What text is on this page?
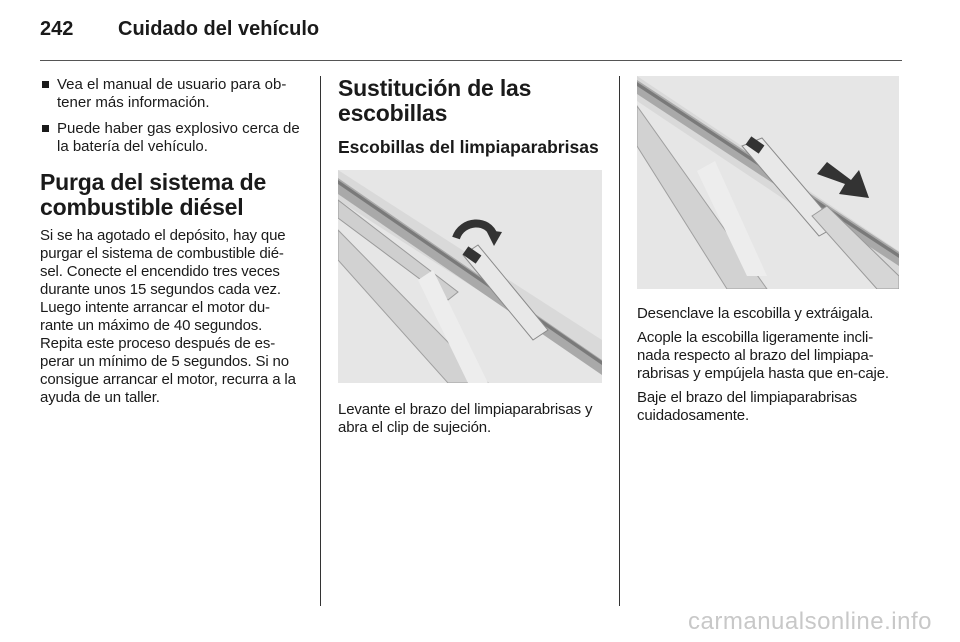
242	Cuidado del vehículo
Vea el manual de usuario para ob-tener más información.
Puede haber gas explosivo cerca de la batería del vehículo.
Purga del sistema de combustible diésel

Si se ha agotado el depósito, hay que purgar el sistema de combustible dié-sel. Conecte el encendido tres veces durante unos 15 segundos cada vez. Luego intente arrancar el motor du-rante un máximo de 40 segundos. Repita este proceso después de es-perar un mínimo de 5 segundos. Si no consigue arrancar el motor, recurra a la ayuda de un taller.

Sustitución de las escobillas
Escobillas del limpiaparabrisas

Levante el brazo del limpiaparabrisas y abra el clip de sujeción.

Desenclave la escobilla y extráigala.

Acople la escobilla ligeramente incli-nada respecto al brazo del limpiapa-rabrisas y empújela hasta que en-caje.

Baje el brazo del limpiaparabrisas cuidadosamente.

carmanualsonline.info
